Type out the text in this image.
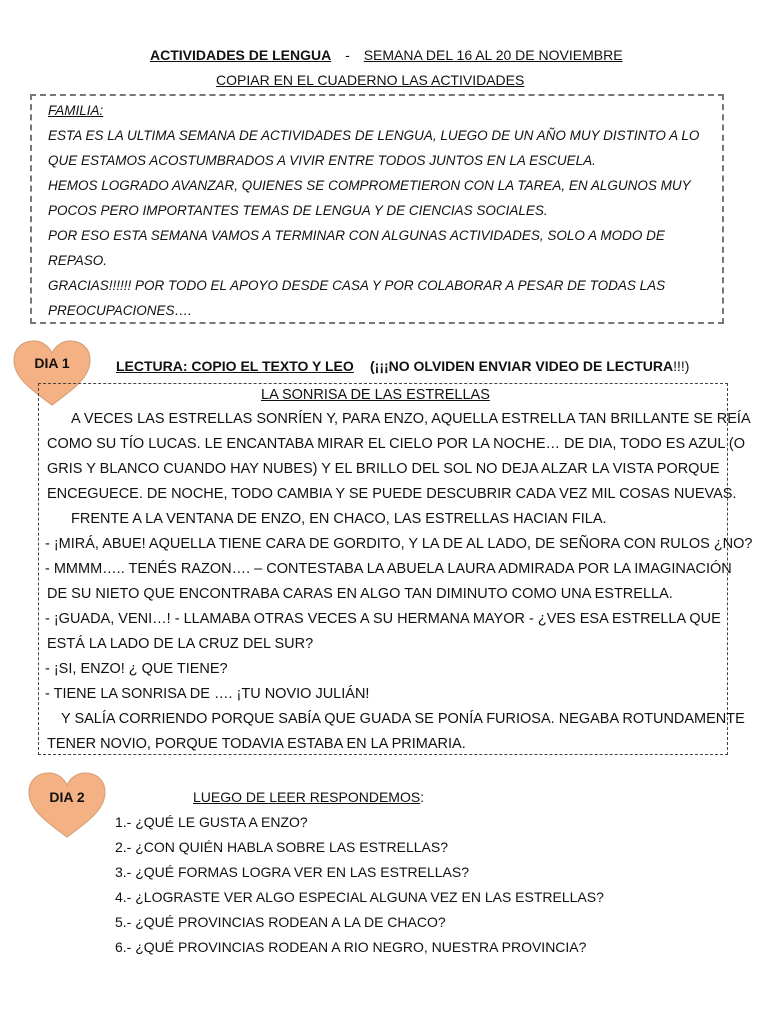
ACTIVIDADES DE LENGUA - SEMANA DEL 16 AL 20 DE NOVIEMBRE
COPIAR EN EL CUADERNO LAS ACTIVIDADES
FAMILIA:
ESTA ES LA ULTIMA SEMANA DE ACTIVIDADES DE LENGUA, LUEGO DE UN AÑO MUY DISTINTO A LO
QUE ESTAMOS ACOSTUMBRADOS A VIVIR ENTRE TODOS JUNTOS EN LA ESCUELA.
HEMOS LOGRADO AVANZAR, QUIENES SE COMPROMETIERON CON LA TAREA, EN ALGUNOS MUY
POCOS PERO IMPORTANTES TEMAS DE LENGUA Y DE CIENCIAS SOCIALES.
POR ESO ESTA SEMANA VAMOS A TERMINAR CON ALGUNAS ACTIVIDADES, SOLO A MODO DE
REPASO.
GRACIAS!!!!!! POR TODO EL APOYO DESDE CASA Y POR COLABORAR A PESAR DE TODAS LAS
PREOCUPACIONES….
DIA 1	LECTURA: COPIO EL TEXTO Y LEO (¡¡¡NO OLVIDEN ENVIAR VIDEO DE LECTURA!!!)
LA SONRISA DE LAS ESTRELLAS
A VECES LAS ESTRELLAS SONRÍEN Y, PARA ENZO, AQUELLA ESTRELLA TAN BRILLANTE SE REÍA
COMO SU TÍO LUCAS. LE ENCANTABA MIRAR EL CIELO POR LA NOCHE… DE DIA, TODO ES AZUL (O
GRIS Y BLANCO CUANDO HAY NUBES) Y EL BRILLO DEL SOL NO DEJA ALZAR LA VISTA PORQUE
ENCEGUECE. DE NOCHE, TODO CAMBIA Y SE PUEDE DESCUBRIR CADA VEZ MIL COSAS NUEVAS.
FRENTE A LA VENTANA DE ENZO, EN CHACO, LAS ESTRELLAS HACIAN FILA.
- ¡MIRÁ, ABUE! AQUELLA TIENE CARA DE GORDITO, Y LA DE AL LADO, DE SEÑORA CON RULOS ¿NO?
- MMMM….. TENÉS RAZON…. – CONTESTABA LA ABUELA LAURA ADMIRADA POR LA IMAGINACIÓN
DE SU NIETO QUE ENCONTRABA CARAS EN ALGO TAN DIMINUTO COMO UNA ESTRELLA.
- ¡GUADA, VENI…! - LLAMABA OTRAS VECES A SU HERMANA MAYOR - ¿VES ESA ESTRELLA QUE
ESTÁ LA LADO DE LA CRUZ DEL SUR?
- ¡SI, ENZO! ¿ QUE TIENE?
- TIENE LA SONRISA DE …. ¡TU NOVIO JULIÁN!
Y SALÍA CORRIENDO PORQUE SABÍA QUE GUADA SE PONÍA FURIOSA. NEGABA ROTUNDAMENTE
TENER NOVIO, PORQUE TODAVIA ESTABA EN LA PRIMARIA.
DIA 2	LUEGO DE LEER RESPONDEMOS:
1.- ¿QUÉ LE GUSTA A ENZO?
2.- ¿CON QUIÉN HABLA SOBRE LAS ESTRELLAS?
3.- ¿QUÉ FORMAS LOGRA VER EN LAS ESTRELLAS?
4.- ¿LOGRASTE VER ALGO ESPECIAL ALGUNA VEZ EN LAS ESTRELLAS?
5.- ¿QUÉ PROVINCIAS RODEAN A LA DE CHACO?
6.- ¿QUÉ PROVINCIAS RODEAN A RIO NEGRO, NUESTRA PROVINCIA?
